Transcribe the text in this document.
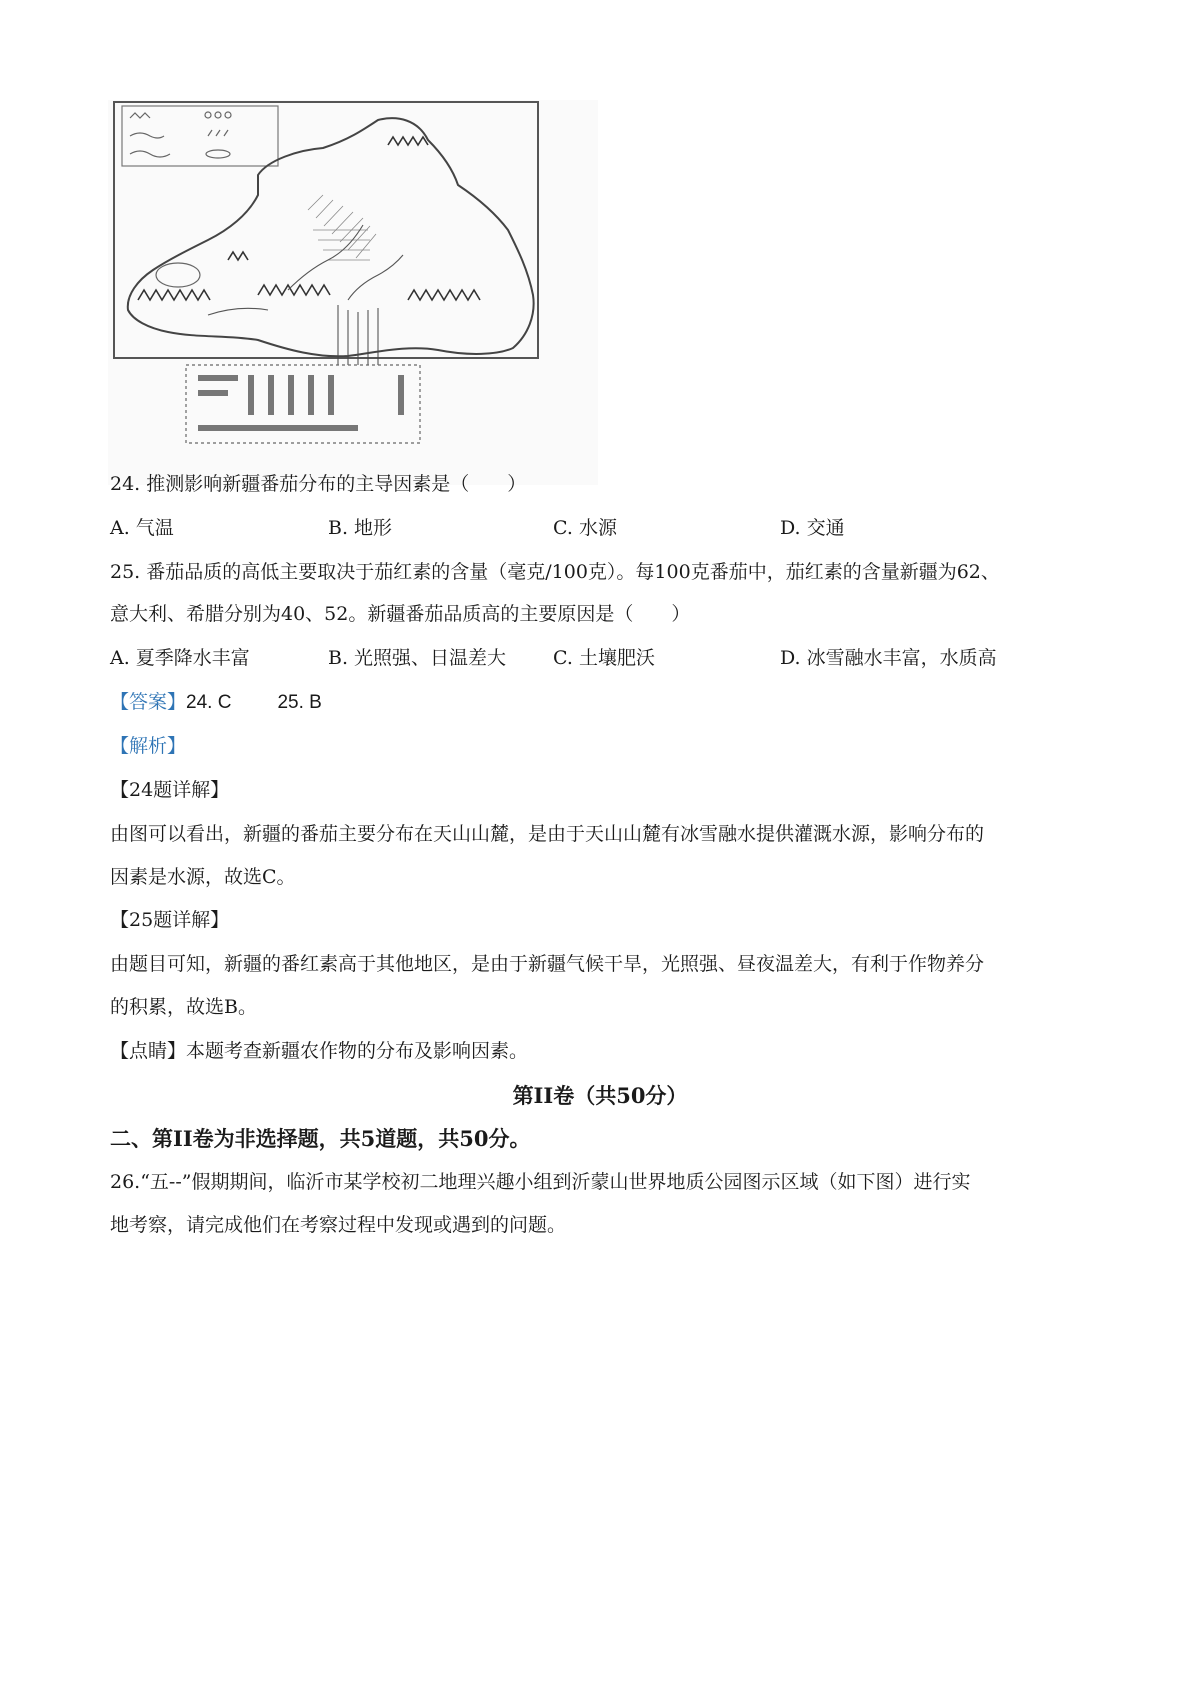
24. 推测影响新疆番茄分布的主导因素是（　　）
A. 气温	B. 地形	C. 水源	D. 交通
25. 番茄品质的高低主要取决于茄红素的含量（毫克/100克）。每100克番茄中，茄红素的含量新疆为62、
意大利、希腊分别为40、52。新疆番茄品质高的主要原因是（　　）
A. 夏季降水丰富	B. 光照强、日温差大 C. 土壤肥沃	D. 冰雪融水丰富，水质高
【答案】24. C 25. B
【解析】
【24题详解】
由图可以看出，新疆的番茄主要分布在天山山麓，是由于天山山麓有冰雪融水提供灌溉水源，影响分布的
因素是水源，故选C。
【25题详解】
由题目可知，新疆的番红素高于其他地区，是由于新疆气候干旱，光照强、昼夜温差大，有利于作物养分
的积累，故选B。
【点睛】本题考查新疆农作物的分布及影响因素。
第II卷（共50分）
二、第II卷为非选择题，共5道题，共50分。
26.“五--”假期期间，临沂市某学校初二地理兴趣小组到沂蒙山世界地质公园图示区域（如下图）进行实
地考察，请完成他们在考察过程中发现或遇到的问题。
